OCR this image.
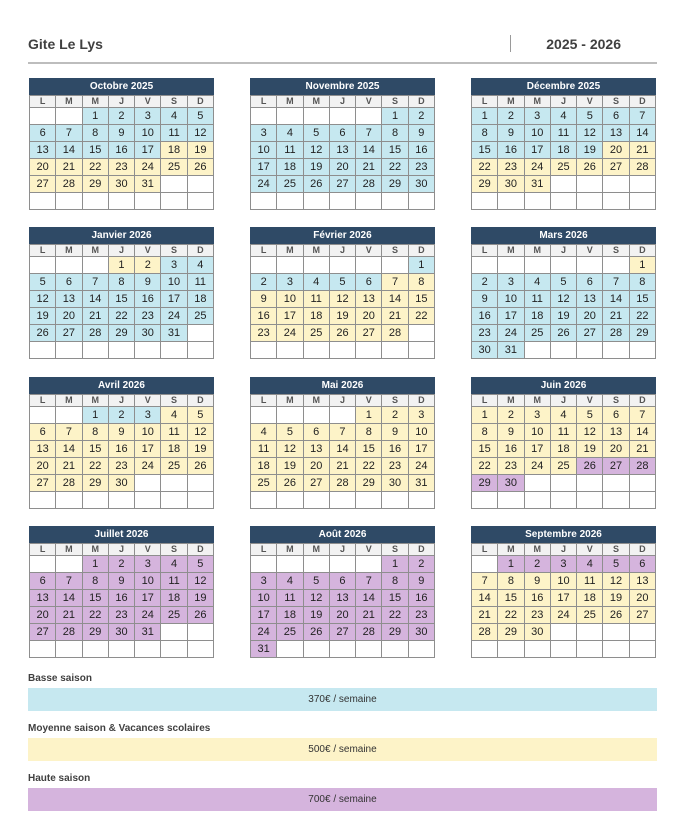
Gite Le Lys	2025 - 2026
Octobre 2025
L	M	M	J	V	S	D
		1	2	3	4	5
6	7	8	9	10	11	12
13	14	15	16	17	18	19
20	21	22	23	24	25	26
27	28	29	30	31		

Novembre 2025
L	M	M	J	V	S	D
					1	2
3	4	5	6	7	8	9
10	11	12	13	14	15	16
17	18	19	20	21	22	23
24	25	26	27	28	29	30

Décembre 2025
L	M	M	J	V	S	D
1	2	3	4	5	6	7
8	9	10	11	12	13	14
15	16	17	18	19	20	21
22	23	24	25	26	27	28
29	30	31				

Janvier 2026
L	M	M	J	V	S	D
			1	2	3	4
5	6	7	8	9	10	11
12	13	14	15	16	17	18
19	20	21	22	23	24	25
26	27	28	29	30	31	

Février 2026
L	M	M	J	V	S	D
						1
2	3	4	5	6	7	8
9	10	11	12	13	14	15
16	17	18	19	20	21	22
23	24	25	26	27	28	

Mars 2026
L	M	M	J	V	S	D
						1
2	3	4	5	6	7	8
9	10	11	12	13	14	15
16	17	18	19	20	21	22
23	24	25	26	27	28	29
30	31					
Avril 2026
L	M	M	J	V	S	D
		1	2	3	4	5
6	7	8	9	10	11	12
13	14	15	16	17	18	19
20	21	22	23	24	25	26
27	28	29	30			

Mai 2026
L	M	M	J	V	S	D
				1	2	3
4	5	6	7	8	9	10
11	12	13	14	15	16	17
18	19	20	21	22	23	24
25	26	27	28	29	30	31

Juin 2026
L	M	M	J	V	S	D
1	2	3	4	5	6	7
8	9	10	11	12	13	14
15	16	17	18	19	20	21
22	23	24	25	26	27	28
29	30					

Juillet 2026
L	M	M	J	V	S	D
		1	2	3	4	5
6	7	8	9	10	11	12
13	14	15	16	17	18	19
20	21	22	23	24	25	26
27	28	29	30	31		

Août 2026
L	M	M	J	V	S	D
					1	2
3	4	5	6	7	8	9
10	11	12	13	14	15	16
17	18	19	20	21	22	23
24	25	26	27	28	29	30
31						
Septembre 2026
L	M	M	J	V	S	D
	1	2	3	4	5	6
7	8	9	10	11	12	13
14	15	16	17	18	19	20
21	22	23	24	25	26	27
28	29	30				

Basse saison
370€ / semaine
Moyenne saison & Vacances scolaires
500€ / semaine
Haute saison
700€ / semaine
